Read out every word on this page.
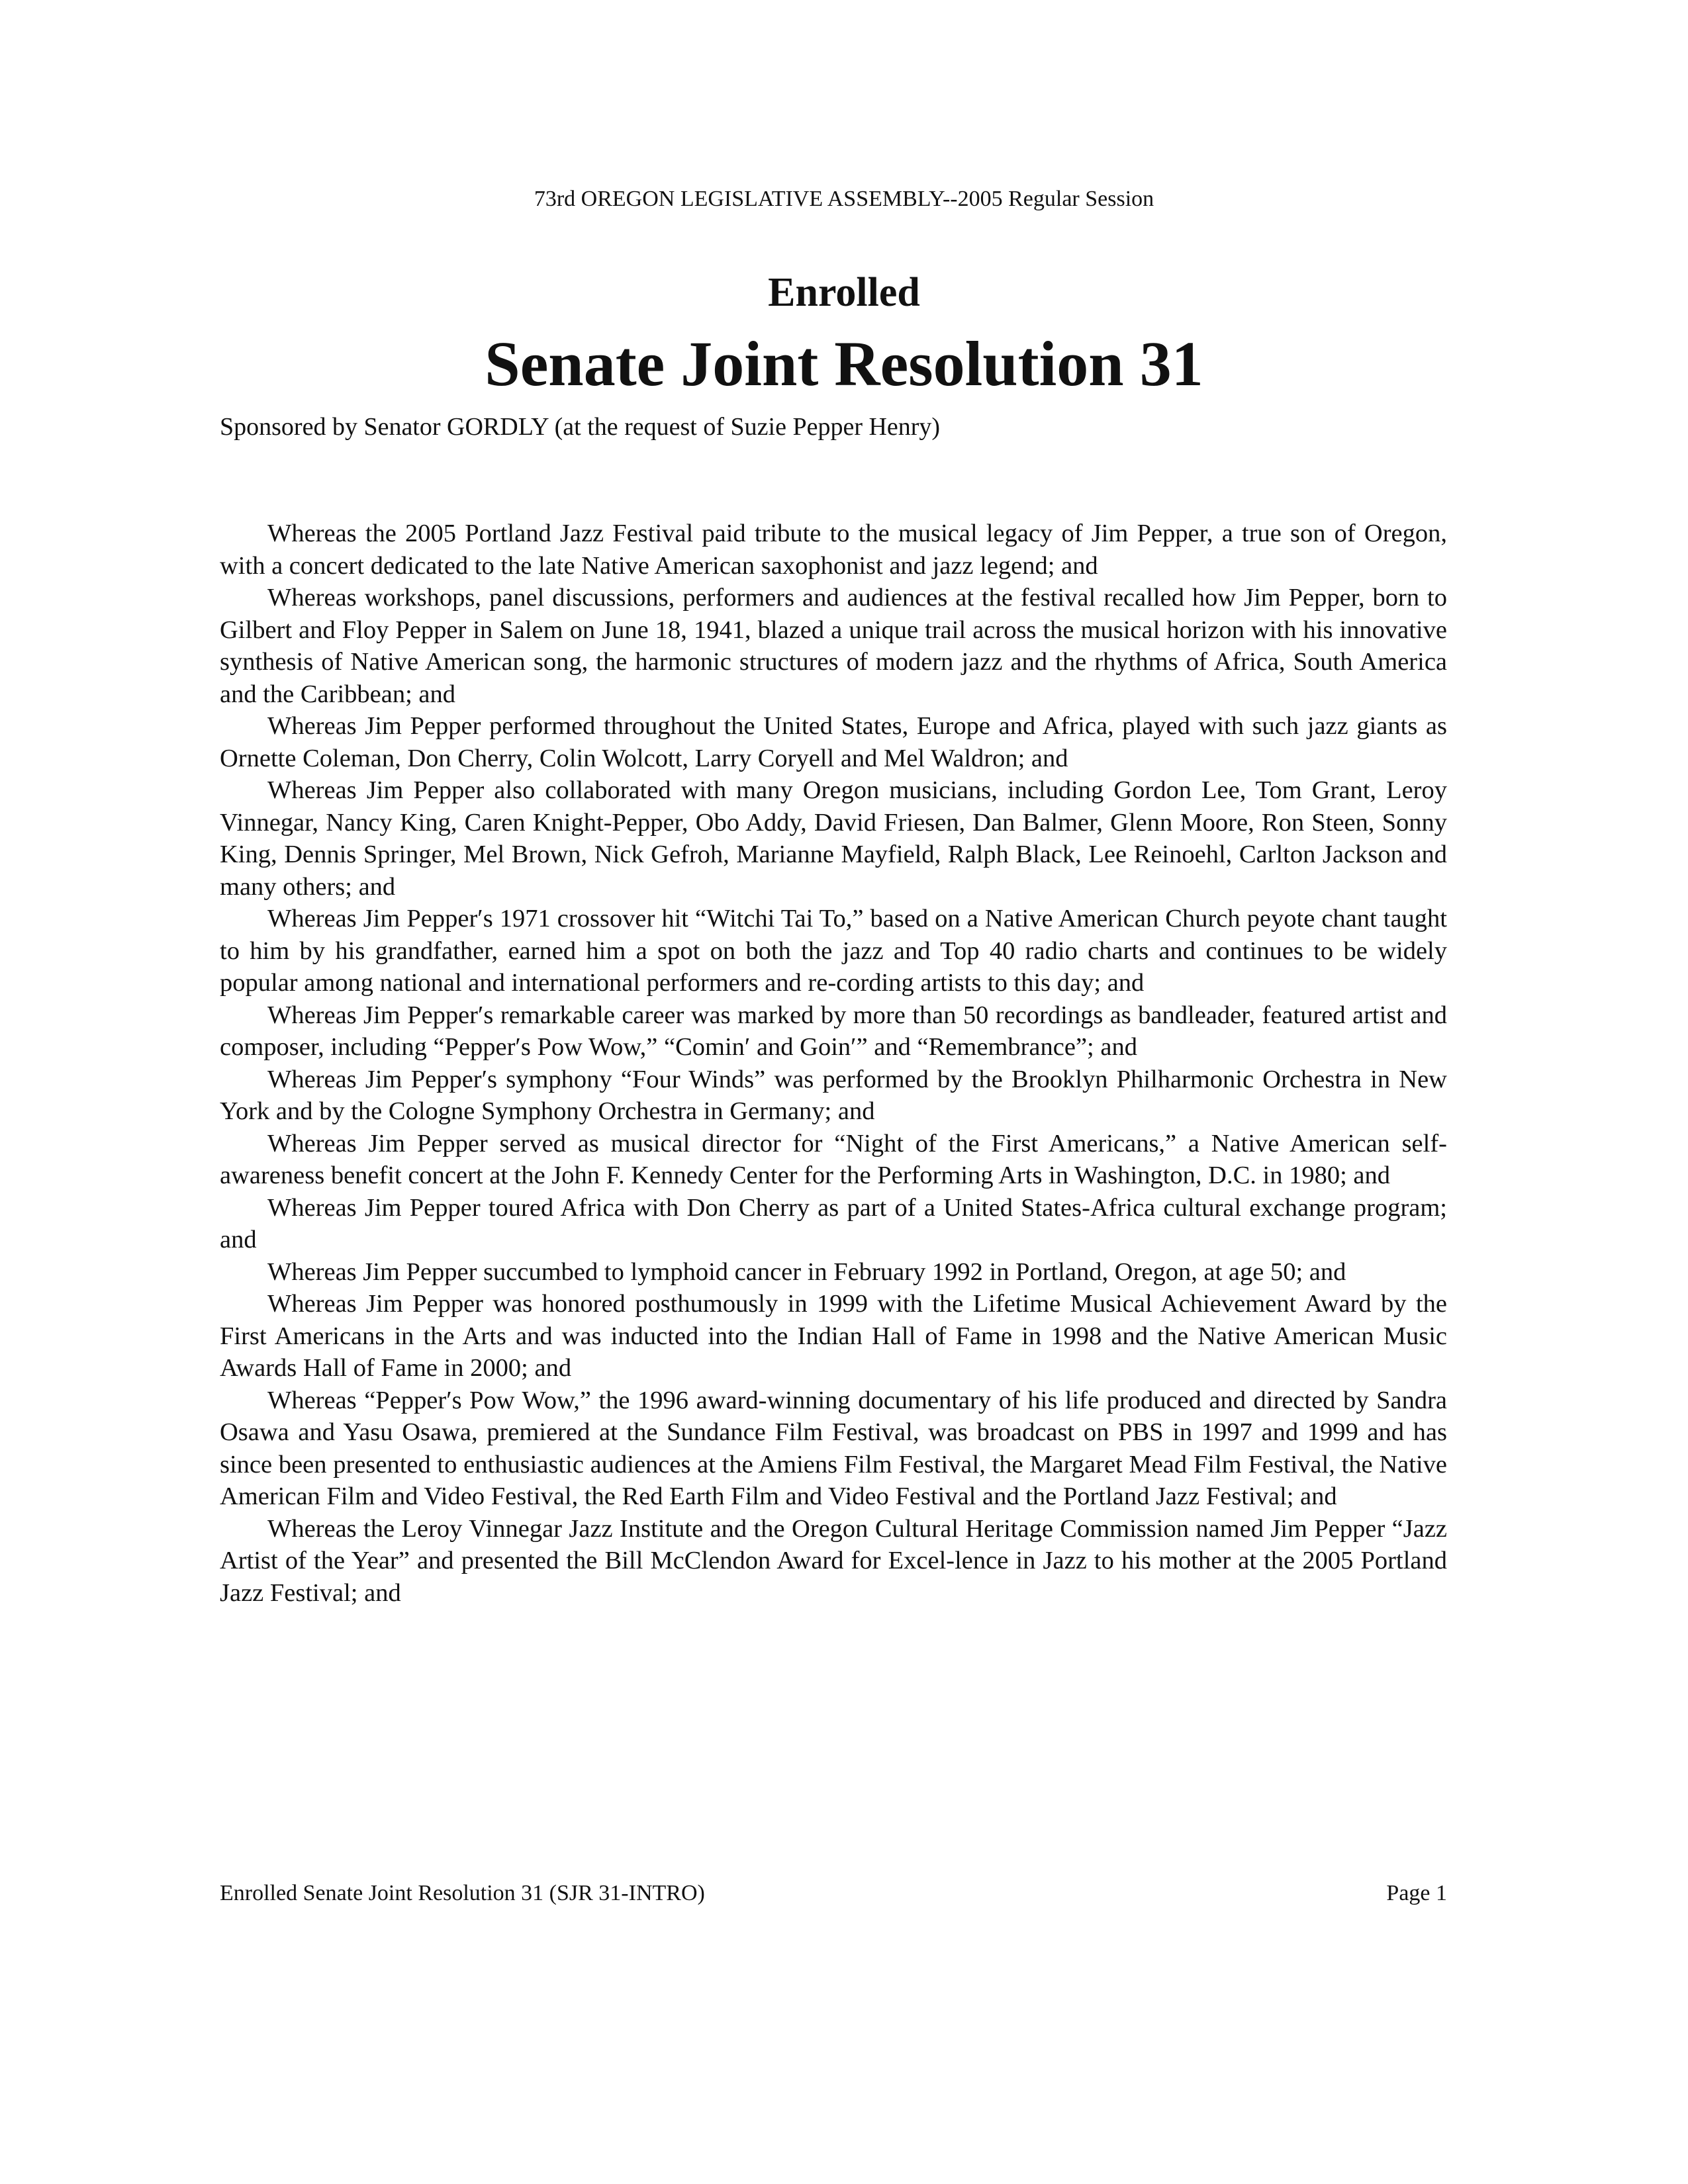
73rd OREGON LEGISLATIVE ASSEMBLY--2005 Regular Session
Enrolled
Senate Joint Resolution 31
Sponsored by Senator GORDLY (at the request of Suzie Pepper Henry)

Whereas the 2005 Portland Jazz Festival paid tribute to the musical legacy of Jim Pepper, a true son of Oregon, with a concert dedicated to the late Native American saxophonist and jazz legend; and

Whereas workshops, panel discussions, performers and audiences at the festival recalled how Jim Pepper, born to Gilbert and Floy Pepper in Salem on June 18, 1941, blazed a unique trail across the musical horizon with his innovative synthesis of Native American song, the harmonic structures of modern jazz and the rhythms of Africa, South America and the Caribbean; and

Whereas Jim Pepper performed throughout the United States, Europe and Africa, played with such jazz giants as Ornette Coleman, Don Cherry, Colin Wolcott, Larry Coryell and Mel Waldron; and

Whereas Jim Pepper also collaborated with many Oregon musicians, including Gordon Lee, Tom Grant, Leroy Vinnegar, Nancy King, Caren Knight-Pepper, Obo Addy, David Friesen, Dan Balmer, Glenn Moore, Ron Steen, Sonny King, Dennis Springer, Mel Brown, Nick Gefroh, Marianne Mayfield, Ralph Black, Lee Reinoehl, Carlton Jackson and many others; and

Whereas Jim Pepper′s 1971 crossover hit “Witchi Tai To,” based on a Native American Church peyote chant taught to him by his grandfather, earned him a spot on both the jazz and Top 40 radio charts and continues to be widely popular among national and international performers and re-cording artists to this day; and

Whereas Jim Pepper′s remarkable career was marked by more than 50 recordings as bandleader, featured artist and composer, including “Pepper′s Pow Wow,” “Comin′ and Goin′” and “Remembrance”; and

Whereas Jim Pepper′s symphony “Four Winds” was performed by the Brooklyn Philharmonic Orchestra in New York and by the Cologne Symphony Orchestra in Germany; and

Whereas Jim Pepper served as musical director for “Night of the First Americans,” a Native American self-awareness benefit concert at the John F. Kennedy Center for the Performing Arts in Washington, D.C. in 1980; and

Whereas Jim Pepper toured Africa with Don Cherry as part of a United States-Africa cultural exchange program; and

Whereas Jim Pepper succumbed to lymphoid cancer in February 1992 in Portland, Oregon, at age 50; and

Whereas Jim Pepper was honored posthumously in 1999 with the Lifetime Musical Achievement Award by the First Americans in the Arts and was inducted into the Indian Hall of Fame in 1998 and the Native American Music Awards Hall of Fame in 2000; and

Whereas “Pepper′s Pow Wow,” the 1996 award-winning documentary of his life produced and directed by Sandra Osawa and Yasu Osawa, premiered at the Sundance Film Festival, was broadcast on PBS in 1997 and 1999 and has since been presented to enthusiastic audiences at the Amiens Film Festival, the Margaret Mead Film Festival, the Native American Film and Video Festival, the Red Earth Film and Video Festival and the Portland Jazz Festival; and

Whereas the Leroy Vinnegar Jazz Institute and the Oregon Cultural Heritage Commission named Jim Pepper “Jazz Artist of the Year” and presented the Bill McClendon Award for Excel-lence in Jazz to his mother at the 2005 Portland Jazz Festival; and

Enrolled Senate Joint Resolution 31 (SJR 31-INTRO)	Page 1
